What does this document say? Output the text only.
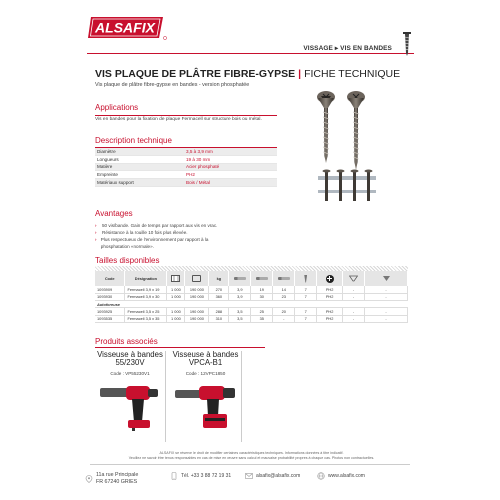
ALSAFIX
VISSAGE ▸ VIS EN BANDES
VIS PLAQUE DE PLÂTRE FIBRE-GYPSE | FICHE TECHNIQUE
Vis plaque de plâtre fibre-gypse en bandes - version phosphatée
Applications
Vis en bandes pour la fixation de plaque Fermacell sur structure bois ou métal.
Description technique
Diamètre	3,5 à 3,9 mm
Longueurs	19 à 30 mm
Matière	Acier phosphaté
Empreinte	PH2
Matériaux support	Bois / Métal
Avantages
›	50 vis/bande. Gain de temps par rapport aux vis en vrac.
›	Résistance à la rouille 10 fois plus élevée.
› Plus respectueux de l'environnement par rapport à la phosphatation «normale».
Tailles disponibles
Code	Désignation			kg							
1093909	Fermacell 3,9 x 19	1 000	190 000	270	3,9	19	14	7	PH2	-	-
1093930	Fermacell 3,9 x 30	1 000	190 000	360	3,9	30	23	7	PH2	-	-
Autoforeuse											
1093925	Fermacell 3,5 x 25	1 000	190 000	288	3,5	25	20	7	PH2	-	-
1093535	Fermacell 3,5 x 35	1 000	190 000	310	3,5	35	-	7	PH2	-	-
Produits associés
Visseuse à bandes
55/230V
Code : VP55230V1
Visseuse à bandes
VPCA-B1
Code : 12VPC1850
ALSAFIX se réserve le droit de modifier certaines caractéristiques techniques. Informations données à titre indicatif.
Veuillez ne savoir être tenus responsables en cas de mise en œuvre sans calcul et mauvaise probabilité propres à chaque cas. Photos non contractuelles.
11a rue Principale
FR 67240 GRIES
Tél. +33 3 88 72 19 31	alsafix@alsafix.com	www.alsafix.com
